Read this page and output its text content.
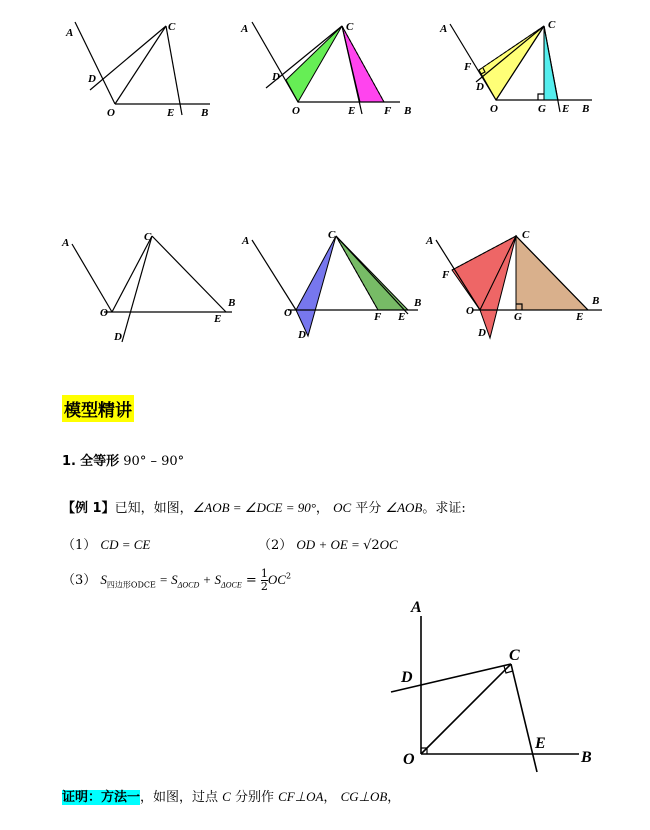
A	C
D
O	E B
A	C
D
O	E	F B
A	C
F
D
O	G E B
A	C
B
O	E
D
A	C
B
O	F E
D
A	C
F
B
O	G	E
D
模型精讲
1. 全等形 90° – 90°
【例 1】已知，如图，∠AOB = ∠DCE = 90°， OC 平分 ∠AOB。求证:
（1） CD = CE	（2） OD + OE = √2OC
（3） $S_{四边形ODCE} = S_{\Delta OCD} + S_{\Delta OCE} = \frac{1}{2} OC^2$
A
C
D
O
E
B
证明：方法一，如图，过点 C 分别作 CF⊥OA， CG⊥OB，
